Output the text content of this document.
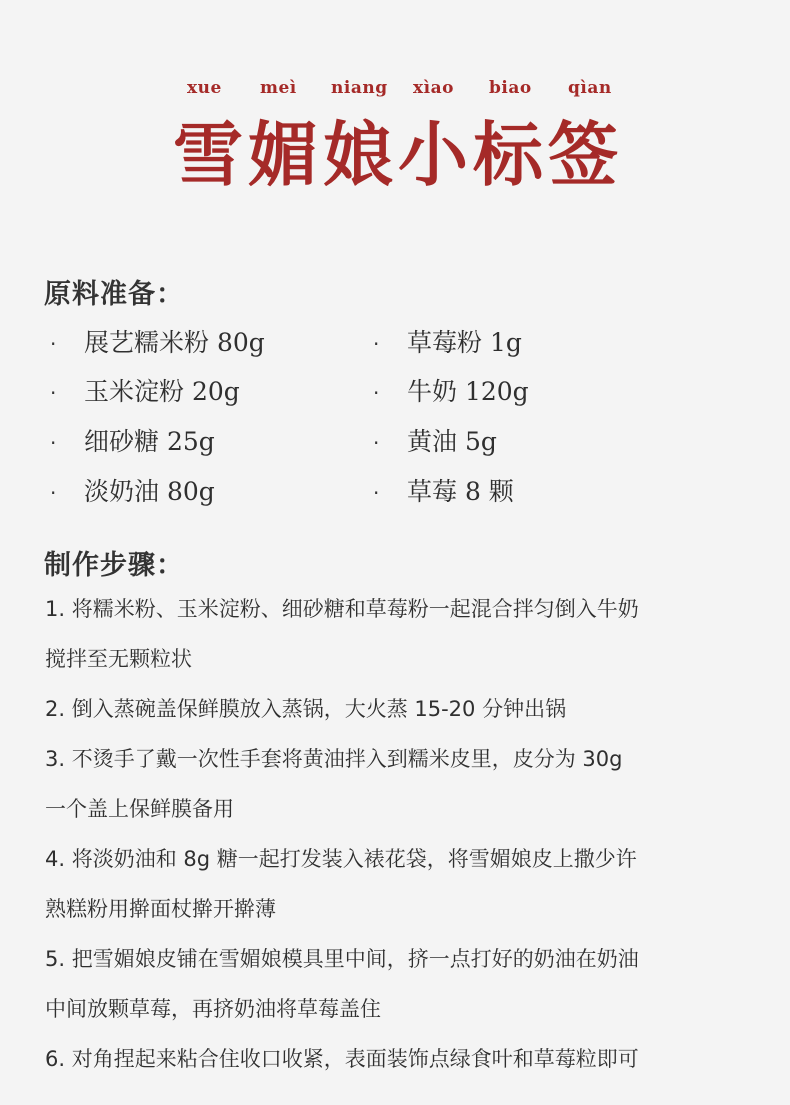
xue meì niang xìao biao qìan
雪 媚 娘 小 标 签
原料准备：
· 展艺糯米粉 80g	· 草莓粉 1g
· 玉米淀粉 20g	· 牛奶 120g
· 细砂糖 25g	· 黄油 5g
· 淡奶油 80g	· 草莓 8 颗
制作步骤：
1. 将糯米粉、玉米淀粉、细砂糖和草莓粉一起混合拌匀倒入牛奶
搅拌至无颗粒状
2. 倒入蒸碗盖保鲜膜放入蒸锅，大火蒸 15-20 分钟出锅
3. 不烫手了戴一次性手套将黄油拌入到糯米皮里，皮分为 30g
一个盖上保鲜膜备用
4. 将淡奶油和 8g 糖一起打发装入裱花袋，将雪媚娘皮上撒少许
熟糕粉用擀面杖擀开擀薄
5. 把雪媚娘皮铺在雪媚娘模具里中间，挤一点打好的奶油在奶油
中间放颗草莓，再挤奶油将草莓盖住
6. 对角捏起来粘合住收口收紧，表面装饰点绿食叶和草莓粒即可
